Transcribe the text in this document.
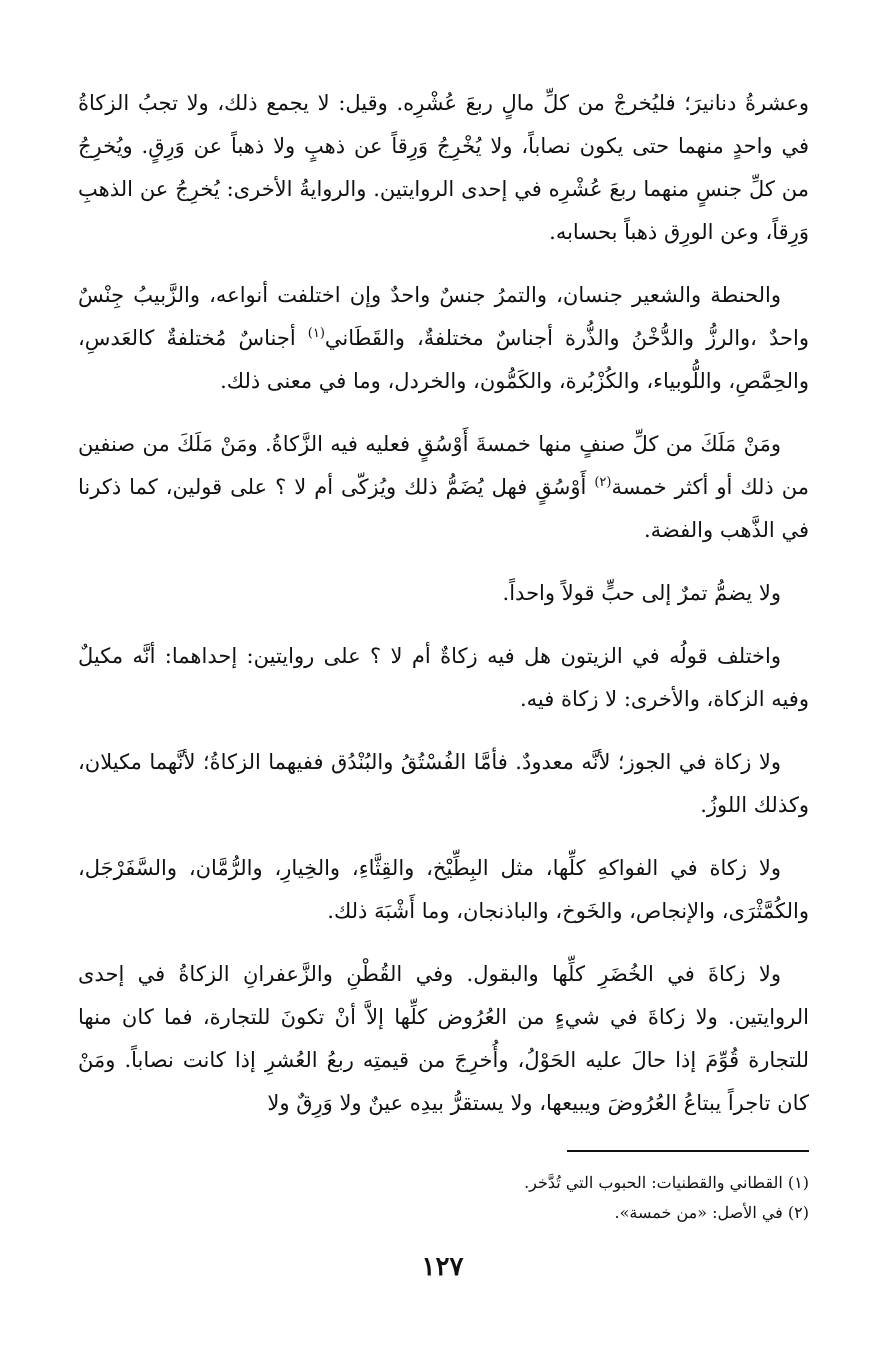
وعشرةُ دنانيرَ؛ فليُخرجْ من كلِّ مالٍ ربعَ عُشْرِه. وقيل: لا يجمع ذلك، ولا تجبُ الزكاةُ في واحدٍ منهما حتى يكون نصاباً، ولا يُخْرِجُ وَرِقاً عن ذهبٍ ولا ذهباً عن وَرِقٍ. ويُخرِجُ من كلِّ جنسٍ منهما ربعَ عُشْرِه في إحدى الروايتين. والروايةُ الأخرى: يُخرِجُ عن الذهبِ وَرِقاً، وعن الورِق ذهباً بحسابه.

والحنطة والشعير جنسان، والتمرُ جنسٌ واحدٌ وإن اختلفت أنواعه، والزَّبيبُ جِنْسٌ واحدٌ ،والرزُّ والدُّخْنُ والذُّرة أجناسٌ مختلفةٌ، والقَطَاني$^{(١)}$ أجناسٌ مُختلفةٌ كالعَدسِ، والحِمَّصِ، واللُّوبياء، والكُزْبُرة، والكَمُّون، والخردل، وما في معنى ذلك.

ومَنْ مَلَكَ من كلِّ صنفٍ منها خمسةَ أَوْسُقٍ فعليه فيه الزَّكاةُ. ومَنْ مَلَكَ من صنفين من ذلك أو أكثر خمسة$^{(٢)}$ أَوْسُقٍ فهل يُضَمُّ ذلك ويُزكّى أم لا ؟ على قولين، كما ذكرنا في الذَّهب والفضة.

ولا يضمُّ تمرٌ إلى حبٍّ قولاً واحداً.

واختلف قولُه في الزيتون هل فيه زكاةٌ أم لا ؟ على روايتين: إحداهما: أنَّه مكيلٌ وفيه الزكاة، والأخرى: لا زكاة فيه.

ولا زكاة في الجوز؛ لأنَّه معدودٌ. فأمَّا الفُسْتُقُ والبُنْدُق ففيهما الزكاةُ؛ لأنَّهما مكيلان، وكذلك اللوزُ.

ولا زكاة في الفواكهِ كلِّها، مثل البِطِّيْخ، والقِثَّاءِ، والخِيارِ، والرُّمَّان، والسَّفَرْجَل، والكُمَّثْرَى، والإنجاص، والخَوخ، والباذنجان، وما أَشْبَهَ ذلك.

ولا زكاةَ في الخُضَرِ كلِّها والبقول. وفي القُطْنِ والزَّعفرانِ الزكاةُ في إحدى الروايتين. ولا زكاةَ في شيءٍ من العُرُوض كلِّها إلاَّ أنْ تكونَ للتجارة، فما كان منها للتجارة قُوِّمَ إذا حالَ عليه الحَوْلُ، وأُخرِجَ من قيمتِه ربعُ العُشرِ إذا كانت نصاباً. ومَنْ كان تاجراً يبتاعُ العُرُوضَ ويبيعها، ولا يستقرُّ بيدِه عينٌ ولا وَرِقٌ ولا

(١) القطاني والقطنيات: الحبوب التي تُدَّخر.

(٢) في الأصل: «من خمسة».

١٢٧
